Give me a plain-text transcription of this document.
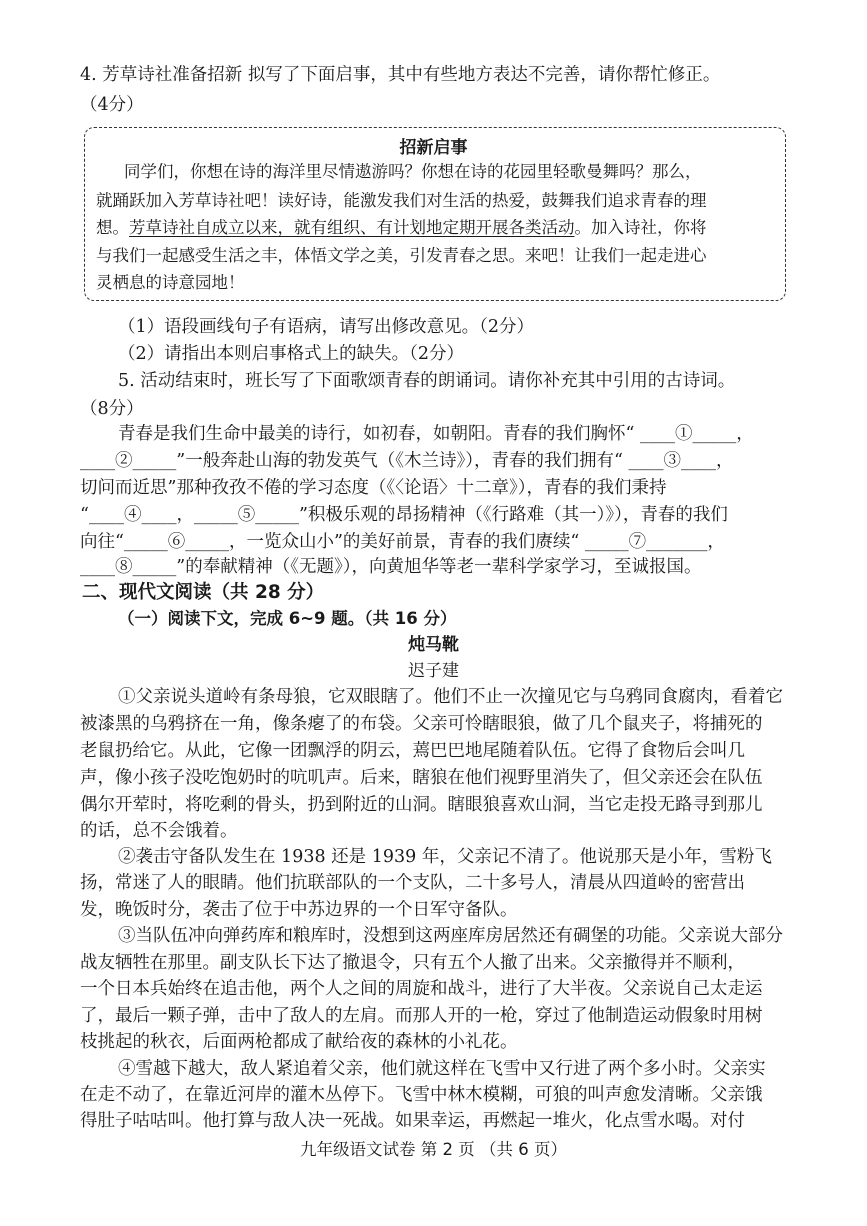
4. 芳草诗社准备招新 拟写了下面启事，其中有些地方表达不完善，请你帮忙修正。
（4分）
招新启事
同学们，你想在诗的海洋里尽情遨游吗？你想在诗的花园里轻歌曼舞吗？那么，
就踊跃加入芳草诗社吧！读好诗，能激发我们对生活的热爱，鼓舞我们追求青春的理
想。芳草诗社自成立以来，就有组织、有计划地定期开展各类活动。加入诗社，你将
与我们一起感受生活之丰，体悟文学之美，引发青春之思。来吧！让我们一起走进心
灵栖息的诗意园地！
（1）语段画线句子有语病，请写出修改意见。（2分）
（2）请指出本则启事格式上的缺失。（2分）
5. 活动结束时，班长写了下面歌颂青春的朗诵词。请你补充其中引用的古诗词。
（8分）
青春是我们生命中最美的诗行，如初春，如朝阳。青春的我们胸怀“ ____①_____，
____②_____”一般奔赴山海的勃发英气（《木兰诗》），青春的我们拥有“ ____③____，
切问而近思”那种孜孜不倦的学习态度（《〈论语〉十二章》），青春的我们秉持
“____④____，_____⑤_____”积极乐观的昂扬精神（《行路难（其一）》），青春的我们
向往“_____⑥_____，一览众山小”的美好前景，青春的我们赓续“ _____⑦_______，
____⑧_____”的奉献精神（《无题》），向黄旭华等老一辈科学家学习，至诚报国。
二、现代文阅读（共 28 分）
（一）阅读下文，完成 6~9 题。（共 16 分）
炖马靴
迟子建
①父亲说头道岭有条母狼，它双眼瞎了。他们不止一次撞见它与乌鸦同食腐肉，看着它
被漆黑的乌鸦挤在一角，像条瘪了的布袋。父亲可怜瞎眼狼，做了几个鼠夹子，将捕死的
老鼠扔给它。从此，它像一团飘浮的阴云，蔫巴巴地尾随着队伍。它得了食物后会叫几
声，像小孩子没吃饱奶时的吭叽声。后来，瞎狼在他们视野里消失了，但父亲还会在队伍
偶尔开荤时，将吃剩的骨头，扔到附近的山洞。瞎眼狼喜欢山洞，当它走投无路寻到那儿
的话，总不会饿着。
②袭击守备队发生在 1938 还是 1939 年，父亲记不清了。他说那天是小年，雪粉飞
扬，常迷了人的眼睛。他们抗联部队的一个支队，二十多号人，清晨从四道岭的密营出
发，晚饭时分，袭击了位于中苏边界的一个日军守备队。
③当队伍冲向弹药库和粮库时，没想到这两座库房居然还有碉堡的功能。父亲说大部分
战友牺牲在那里。副支队长下达了撤退令，只有五个人撤了出来。父亲撤得并不顺利，
一个日本兵始终在追击他，两个人之间的周旋和战斗，进行了大半夜。父亲说自己太走运
了，最后一颗子弹，击中了敌人的左肩。而那人开的一枪，穿过了他制造运动假象时用树
枝挑起的秋衣，后面两枪都成了献给夜的森林的小礼花。
④雪越下越大，敌人紧追着父亲，他们就这样在飞雪中又行进了两个多小时。父亲实
在走不动了，在靠近河岸的灌木丛停下。飞雪中林木模糊，可狼的叫声愈发清晰。父亲饿
得肚子咕咕叫。他打算与敌人决一死战。如果幸运，再燃起一堆火，化点雪水喝。对付
九年级语文试卷 第 2 页 （共 6 页）
